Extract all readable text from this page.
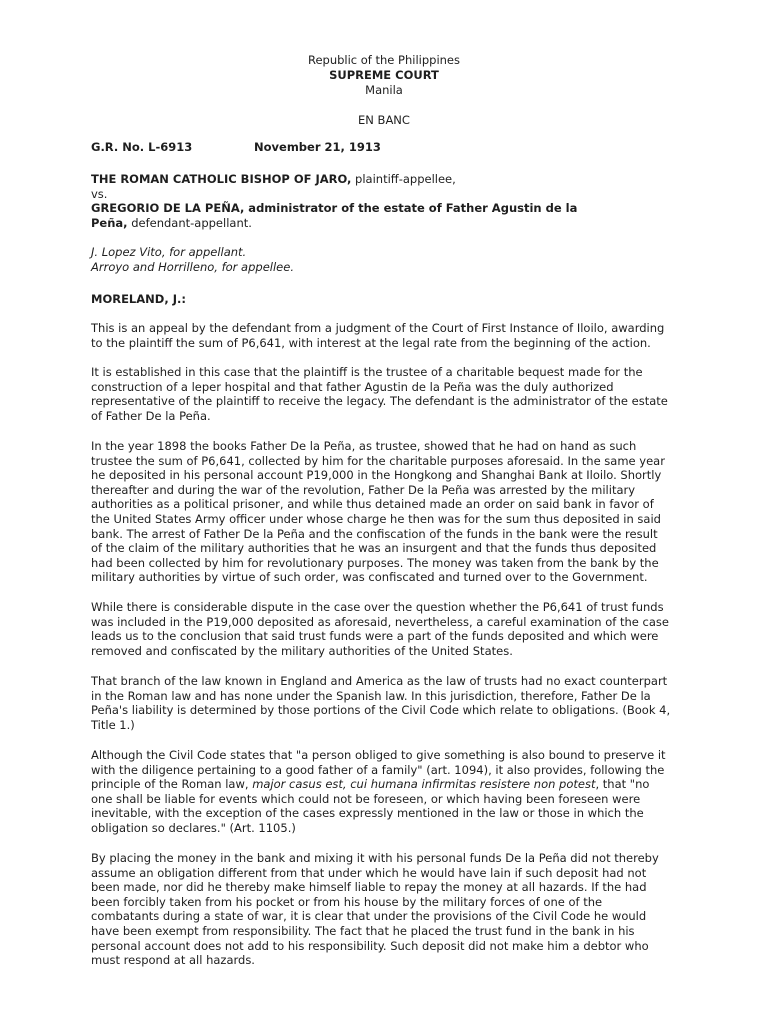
Republic of the Philippines
SUPREME COURT
Manila
EN BANC
G.R. No. L-6913	November 21, 1913
THE ROMAN CATHOLIC BISHOP OF JARO, plaintiff-appellee,
vs.
GREGORIO DE LA PEÑA, administrator of the estate of Father Agustin de la
Peña, defendant-appellant.
J. Lopez Vito, for appellant.
Arroyo and Horrilleno, for appellee.
MORELAND, J.:
This is an appeal by the defendant from a judgment of the Court of First Instance of Iloilo, awarding
to the plaintiff the sum of P6,641, with interest at the legal rate from the beginning of the action.
It is established in this case that the plaintiff is the trustee of a charitable bequest made for the
construction of a leper hospital and that father Agustin de la Peña was the duly authorized
representative of the plaintiff to receive the legacy. The defendant is the administrator of the estate
of Father De la Peña.
In the year 1898 the books Father De la Peña, as trustee, showed that he had on hand as such
trustee the sum of P6,641, collected by him for the charitable purposes aforesaid. In the same year
he deposited in his personal account P19,000 in the Hongkong and Shanghai Bank at Iloilo. Shortly
thereafter and during the war of the revolution, Father De la Peña was arrested by the military
authorities as a political prisoner, and while thus detained made an order on said bank in favor of
the United States Army officer under whose charge he then was for the sum thus deposited in said
bank. The arrest of Father De la Peña and the confiscation of the funds in the bank were the result
of the claim of the military authorities that he was an insurgent and that the funds thus deposited
had been collected by him for revolutionary purposes. The money was taken from the bank by the
military authorities by virtue of such order, was confiscated and turned over to the Government.
While there is considerable dispute in the case over the question whether the P6,641 of trust funds
was included in the P19,000 deposited as aforesaid, nevertheless, a careful examination of the case
leads us to the conclusion that said trust funds were a part of the funds deposited and which were
removed and confiscated by the military authorities of the United States.
That branch of the law known in England and America as the law of trusts had no exact counterpart
in the Roman law and has none under the Spanish law. In this jurisdiction, therefore, Father De la
Peña's liability is determined by those portions of the Civil Code which relate to obligations. (Book 4,
Title 1.)
Although the Civil Code states that "a person obliged to give something is also bound to preserve it
with the diligence pertaining to a good father of a family" (art. 1094), it also provides, following the
principle of the Roman law, major casus est, cui humana infirmitas resistere non potest, that "no
one shall be liable for events which could not be foreseen, or which having been foreseen were
inevitable, with the exception of the cases expressly mentioned in the law or those in which the
obligation so declares." (Art. 1105.)
By placing the money in the bank and mixing it with his personal funds De la Peña did not thereby
assume an obligation different from that under which he would have lain if such deposit had not
been made, nor did he thereby make himself liable to repay the money at all hazards. If the had
been forcibly taken from his pocket or from his house by the military forces of one of the
combatants during a state of war, it is clear that under the provisions of the Civil Code he would
have been exempt from responsibility. The fact that he placed the trust fund in the bank in his
personal account does not add to his responsibility. Such deposit did not make him a debtor who
must respond at all hazards.
